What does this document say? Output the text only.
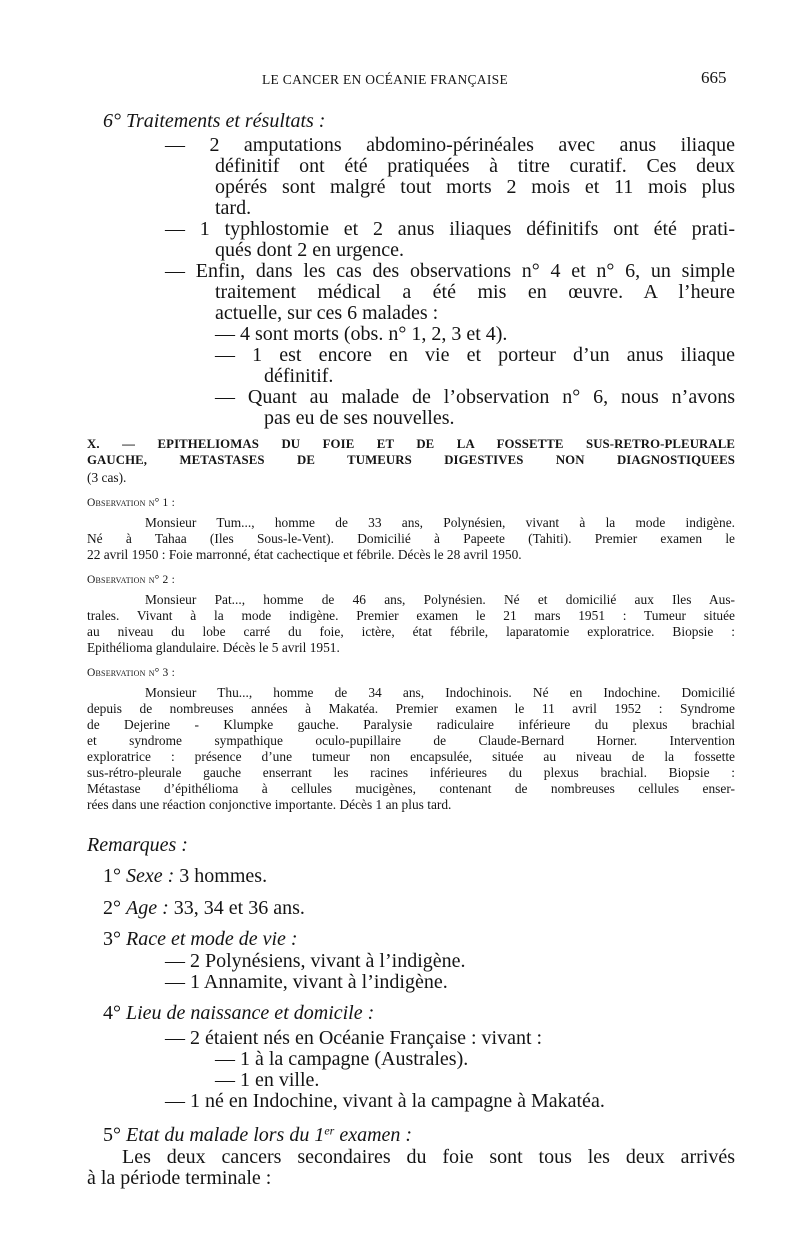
LE CANCER EN OCÉANIE FRANÇAISE	665

6° Traitements et résultats :

— 2 amputations abdomino-périnéales avec anus iliaque

définitif ont été pratiquées à titre curatif. Ces deux

opérés sont malgré tout morts 2 mois et 11 mois plus

tard.

— 1 typhlostomie et 2 anus iliaques définitifs ont été prati-

qués dont 2 en urgence.

— Enfin, dans les cas des observations n° 4 et n° 6, un simple

traitement médical a été mis en œuvre. A l’heure

actuelle, sur ces 6 malades :

— 4 sont morts (obs. n° 1, 2, 3 et 4).

— 1 est encore en vie et porteur d’un anus iliaque

définitif.

— Quant au malade de l’observation n° 6, nous n’avons

pas eu de ses nouvelles.

X. — EPITHELIOMAS DU FOIE ET DE LA FOSSETTE SUS-RETRO-PLEURALE

GAUCHE, METASTASES DE TUMEURS DIGESTIVES NON DIAGNOSTIQUEES

(3 cas).

Observation n° 1 :

Monsieur Tum..., homme de 33 ans, Polynésien, vivant à la mode indigène.

Né à Tahaa (Iles Sous-le-Vent). Domicilié à Papeete (Tahiti). Premier examen le

22 avril 1950 : Foie marronné, état cachectique et fébrile. Décès le 28 avril 1950.

Observation n° 2 :

Monsieur Pat..., homme de 46 ans, Polynésien. Né et domicilié aux Iles Aus-

trales. Vivant à la mode indigène. Premier examen le 21 mars 1951 : Tumeur située

au niveau du lobe carré du foie, ictère, état fébrile, laparatomie exploratrice. Biopsie :

Epithélioma glandulaire. Décès le 5 avril 1951.

Observation n° 3 :

Monsieur Thu..., homme de 34 ans, Indochinois. Né en Indochine. Domicilié

depuis de nombreuses années à Makatéa. Premier examen le 11 avril 1952 : Syndrome

de Dejerine - Klumpke gauche. Paralysie radiculaire inférieure du plexus brachial

et syndrome sympathique oculo-pupillaire de Claude-Bernard Horner. Intervention

exploratrice : présence d’une tumeur non encapsulée, située au niveau de la fossette

sus-rétro-pleurale gauche enserrant les racines inférieures du plexus brachial. Biopsie :

Métastase d’épithélioma à cellules mucigènes, contenant de nombreuses cellules enser-

rées dans une réaction conjonctive importante. Décès 1 an plus tard.

Remarques :

1° Sexe : 3 hommes.

2° Age : 33, 34 et 36 ans.

3° Race et mode de vie :

— 2 Polynésiens, vivant à l’indigène.

— 1 Annamite, vivant à l’indigène.

4° Lieu de naissance et domicile :

— 2 étaient nés en Océanie Française : vivant :

— 1 à la campagne (Australes).

— 1 en ville.

— 1 né en Indochine, vivant à la campagne à Makatéa.

5° Etat du malade lors du 1er examen :

Les deux cancers secondaires du foie sont tous les deux arrivés

à la période terminale :
